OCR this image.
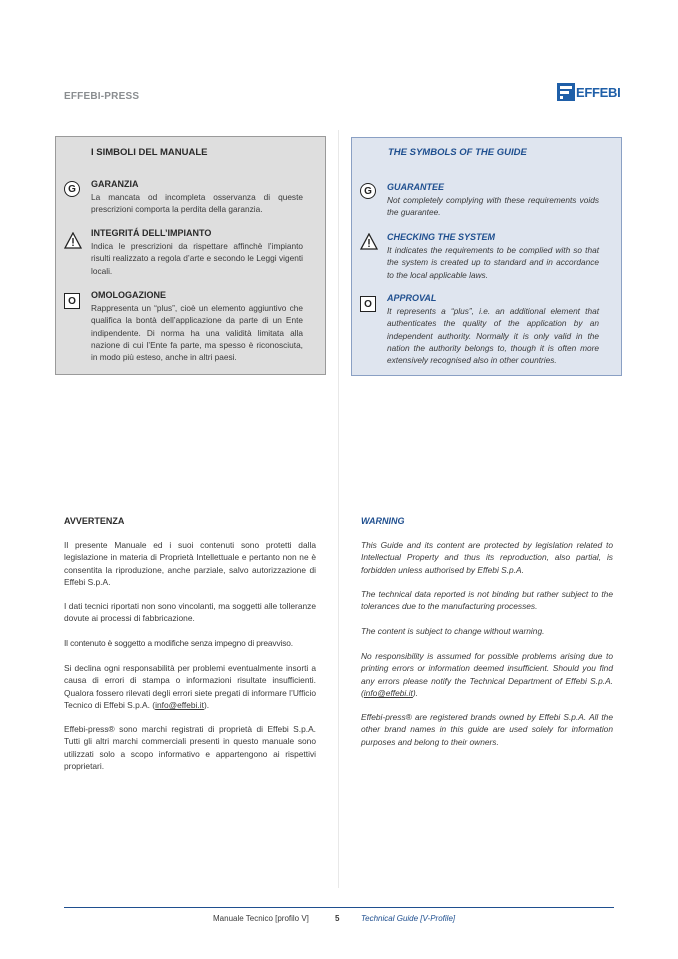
EFFEBI-PRESS	EFFEBI
I SIMBOLI DEL MANUALE
G	GARANZIA
La mancata od incompleta osservanza di queste prescrizioni comporta la perdita della garanzia.
INTEGRITÁ DELL’IMPIANTO
Indica le prescrizioni da rispettare affinchè l’impianto risulti realizzato a regola d’arte e secondo le Leggi vigenti locali.
O
OMOLOGAZIONE
Rappresenta un “plus”, cioè un elemento aggiuntivo che qualifica la bontà dell’applicazione da parte di un Ente indipendente. Di norma ha una validità limitata alla nazione di cui l’Ente fa parte, ma spesso è riconosciuta, in modo più esteso, anche in altri paesi.
THE SYMBOLS OF THE GUIDE
G	GUARANTEE
Not completely complying with these requirements voids the guarantee.
CHECKING THE SYSTEM
It indicates the requirements to be complied with so that the system is created up to standard and in accordance to the local applicable laws.
O
APPROVAL
It represents a “plus”, i.e. an additional element that authenticates the quality of the application by an independent authority. Normally it is only valid in the nation the authority belongs to, though it is often more extensively recognised also in other countries.
AVVERTENZA
Il presente Manuale ed i suoi contenuti sono protetti dalla legislazione in materia di Proprietà Intellettuale e pertanto non ne è consentita la riproduzione, anche parziale, salvo autorizzazione di Effebi S.p.A.
I dati tecnici riportati non sono vincolanti, ma soggetti alle tolleranze dovute ai processi di fabbricazione.
Il contenuto è soggetto a modifiche senza impegno di preavviso.
Si declina ogni responsabilità per problemi eventualmente insorti a causa di errori di stampa o informazioni risultate insufficienti. Qualora fossero rilevati degli errori siete pregati di informare l’Ufficio Tecnico di Effebi S.p.A. (info@effebi.it).
Effebi-press® sono marchi registrati di proprietà di Effebi S.p.A. Tutti gli altri marchi commerciali presenti in questo manuale sono utilizzati solo a scopo informativo e appartengono ai rispettivi proprietari.
WARNING
This Guide and its content are protected by legislation related to Intellectual Property and thus its reproduction, also partial, is forbidden unless authorised by Effebi S.p.A.
The technical data reported is not binding but rather subject to the tolerances due to the manufacturing processes.
The content is subject to change without warning.
No responsibility is assumed for possible problems arising due to printing errors or information deemed insufficient. Should you find any errors please notify the Technical Department of Effebi S.p.A. (info@effebi.it).
Effebi-press® are registered brands owned by Effebi S.p.A. All the other brand names in this guide are used solely for information purposes and belong to their owners.
Manuale Tecnico [profilo V]	5	Technical Guide [V-Profile]
